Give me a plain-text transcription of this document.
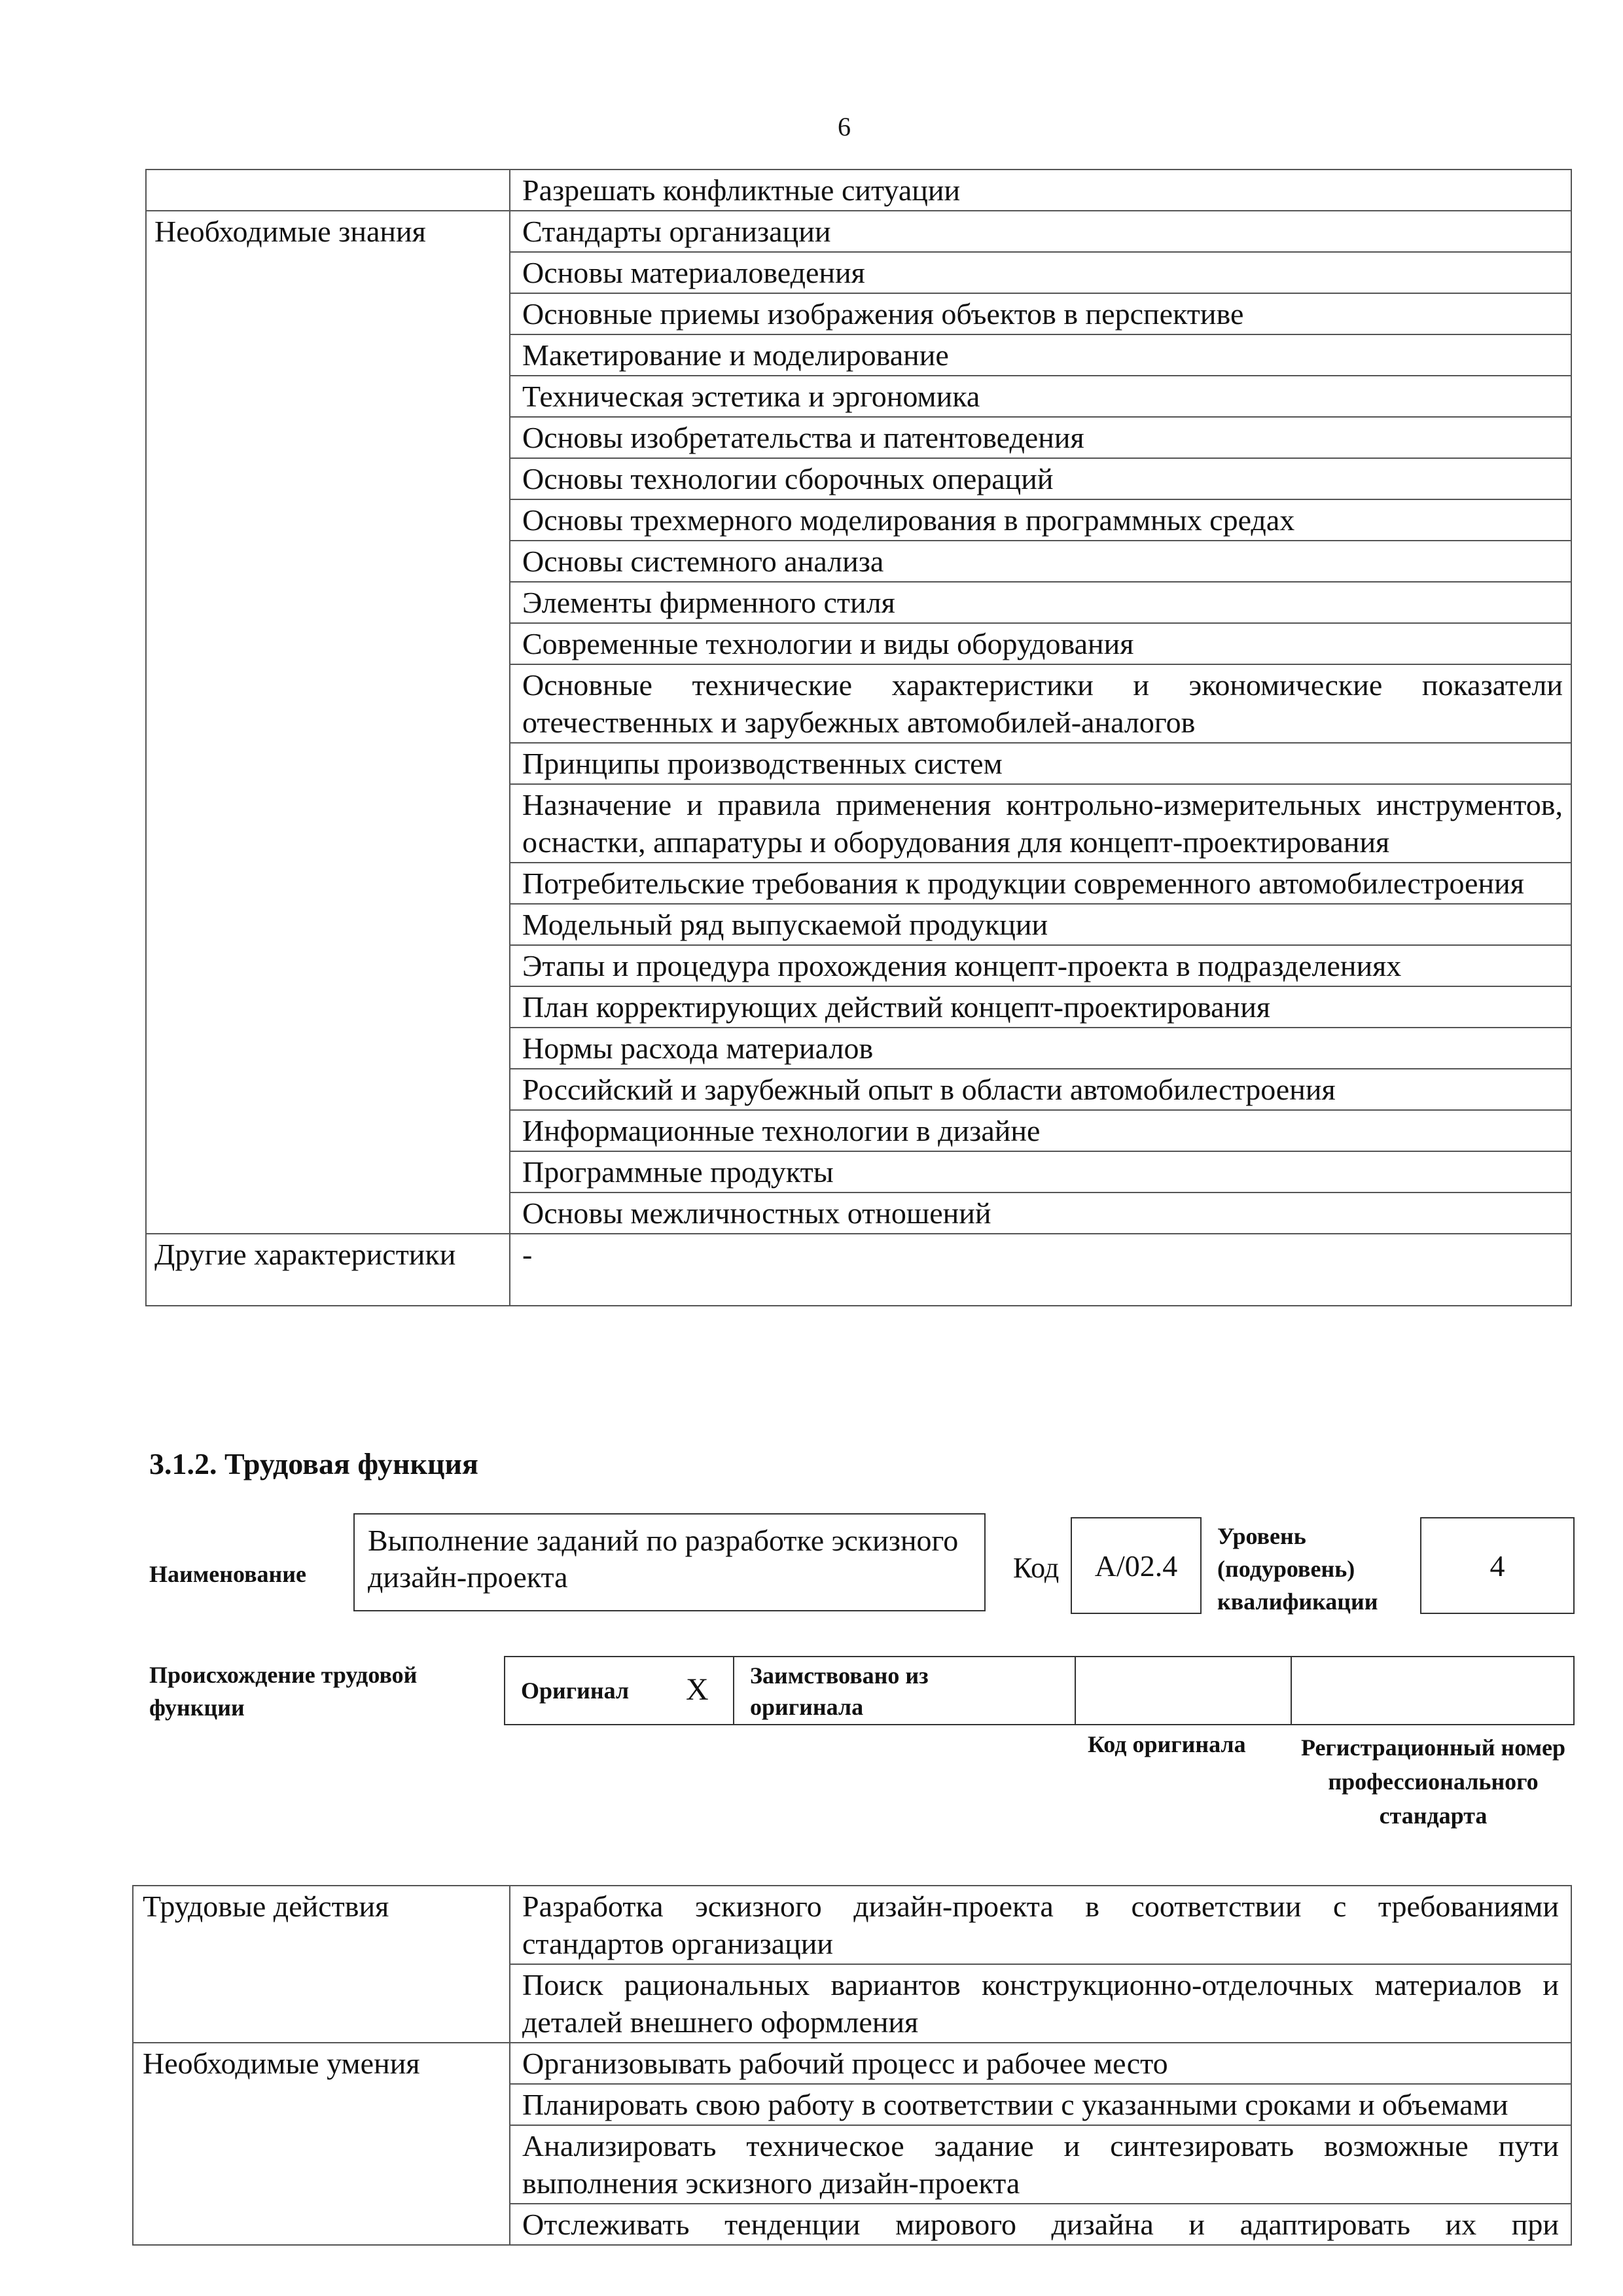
6
	Разрешать конфликтные ситуации
Необходимые знания	Стандарты организации
	Основы материаловедения
	Основные приемы изображения объектов в перспективе
	Макетирование и моделирование
	Техническая эстетика и эргономика
	Основы изобретательства и патентоведения
	Основы технологии сборочных операций
	Основы трехмерного моделирования в программных средах
	Основы системного анализа
	Элементы фирменного стиля
	Современные технологии и виды оборудования
	Основные технические характеристики и экономические показатели отечественных и зарубежных автомобилей-аналогов
	Принципы производственных систем
	Назначение и правила применения контрольно-измерительных инструментов, оснастки, аппаратуры и оборудования для концепт-проектирования
	Потребительские требования к продукции современного автомобилестроения
	Модельный ряд выпускаемой продукции
	Этапы и процедура прохождения концепт-проекта в подразделениях
	План корректирующих действий концепт-проектирования
	Нормы расхода материалов
	Российский и зарубежный опыт в области автомобилестроения
	Информационные технологии в дизайне
	Программные продукты
	Основы межличностных отношений
Другие характеристики	-
3.1.2. Трудовая функция
Наименование
Выполнение заданий по разработке эскизного дизайн-проекта	Код	А/02.4
Уровень (подуровень) квалификации
4
Происхождение трудовой функции
Оригинал X Заимствовано из оригинала
Код оригинала Регистрационный номер профессионального стандарта
Трудовые действия	Разработка эскизного дизайн-проекта в соответствии с требованиями стандартов организации
	Поиск рациональных вариантов конструкционно-отделочных материалов и деталей внешнего оформления
Необходимые умения	Организовывать рабочий процесс и рабочее место
	Планировать свою работу в соответствии с указанными сроками и объемами
	Анализировать техническое задание и синтезировать возможные пути выполнения эскизного дизайн-проекта
	Отслеживать тенденции мирового дизайна и адаптировать их при
